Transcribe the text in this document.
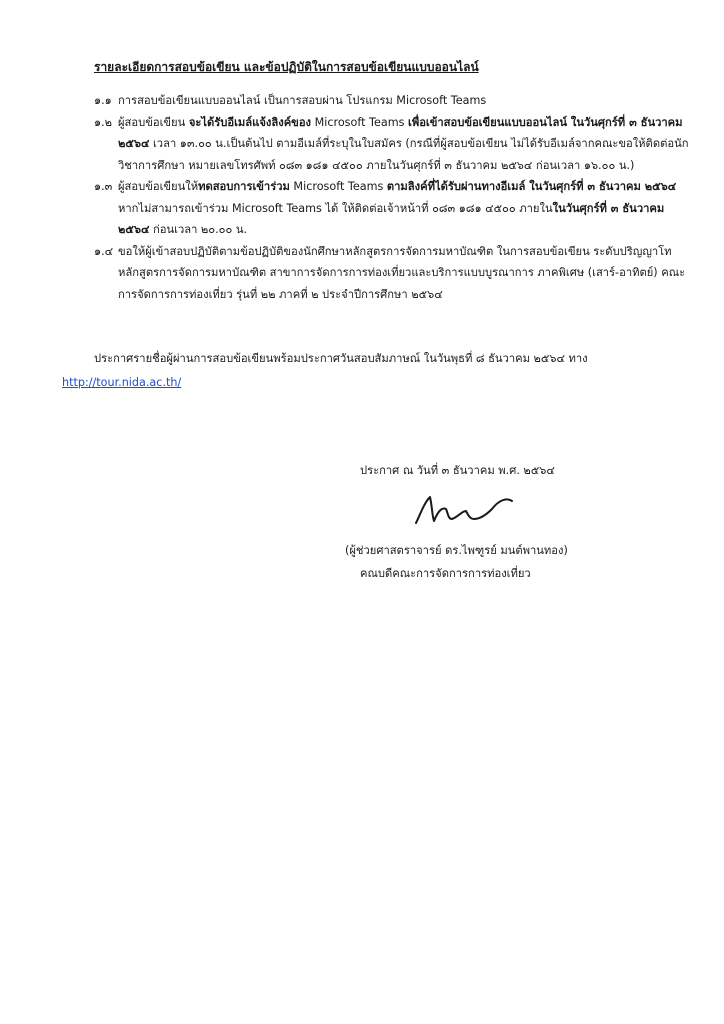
รายละเอียดการสอบข้อเขียน และข้อปฏิบัติในการสอบข้อเขียนแบบออนไลน์
๑.๑ การสอบข้อเขียนแบบออนไลน์ เป็นการสอบผ่าน โปรแกรม Microsoft Teams
๑.๒ ผู้สอบข้อเขียน จะได้รับอีเมล์แจ้งลิงค์ของ Microsoft Teams เพื่อเข้าสอบข้อเขียนแบบออนไลน์ ในวันศุกร์ที่ ๓ ธันวาคม ๒๕๖๔ เวลา ๑๓.๐๐ น.เป็นต้นไป ตามอีเมล์ที่ระบุในใบสมัคร (กรณีที่ผู้สอบข้อเขียน ไม่ได้รับอีเมล์จากคณะขอให้ติดต่อนักวิชาการศึกษา หมายเลขโทรศัพท์ ๐๘๓ ๑๘๑ ๔๕๐๐ ภายในวันศุกร์ที่ ๓ ธันวาคม ๒๕๖๔ ก่อนเวลา ๑๖.๐๐ น.)
๑.๓ ผู้สอบข้อเขียนให้ทดสอบการเข้าร่วม Microsoft Teams ตามลิงค์ที่ได้รับผ่านทางอีเมล์ ในวันศุกร์ที่ ๓ ธันวาคม ๒๕๖๔ หากไม่สามารถเข้าร่วม Microsoft Teams ได้ ให้ติดต่อเจ้าหน้าที่ ๐๘๓ ๑๘๑ ๔๕๐๐ ภายในในวันศุกร์ที่ ๓ ธันวาคม ๒๕๖๔ ก่อนเวลา ๒๐.๐๐ น.
๑.๔ ขอให้ผู้เข้าสอบปฏิบัติตามข้อปฏิบัติของนักศึกษาหลักสูตรการจัดการมหาบัณฑิต ในการสอบข้อเขียน ระดับปริญญาโท หลักสูตรการจัดการมหาบัณฑิต สาขาการจัดการการท่องเที่ยวและบริการแบบบูรณาการ ภาคพิเศษ (เสาร์-อาทิตย์) คณะการจัดการการท่องเที่ยว รุ่นที่ ๒๒ ภาคที่ ๒ ประจำปีการศึกษา ๒๕๖๔
ประกาศรายชื่อผู้ผ่านการสอบข้อเขียนพร้อมประกาศวันสอบสัมภาษณ์ ในวันพุธที่ ๘ ธันวาคม ๒๕๖๔ ทาง http://tour.nida.ac.th/
ประกาศ ณ วันที่ ๓ ธันวาคม พ.ศ. ๒๕๖๔
(ผู้ช่วยศาสตราจารย์ ดร.ไพฑูรย์ มนต์พานทอง)
คณบดีคณะการจัดการการท่องเที่ยว
